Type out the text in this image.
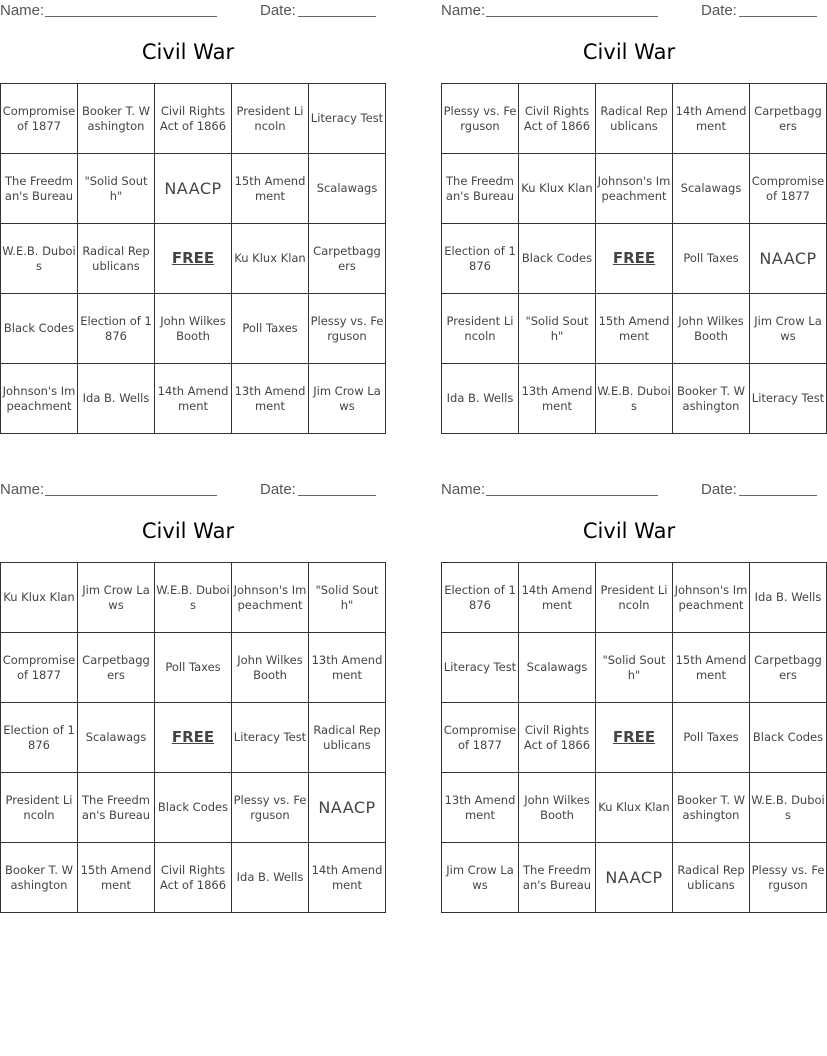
Name:	Date:
Civil War
Compromise of 1877	Booker T. Washington	Civil Rights Act of 1866	President Lincoln	Literacy Test
The Freedman's Bureau	"Solid South"	NAACP	15th Amendment	Scalawags
W.E.B. Dubois	Radical Republicans	FREE	Ku Klux Klan	Carpetbaggers
Black Codes	Election of 1876	John Wilkes Booth	Poll Taxes	Plessy vs. Ferguson
Johnson's Impeachment	Ida B. Wells	14th Amendment	13th Amendment	Jim Crow Laws
Name:	Date:
Civil War
Plessy vs. Ferguson	Civil Rights Act of 1866	Radical Republicans	14th Amendment	Carpetbaggers
The Freedman's Bureau	Ku Klux Klan	Johnson's Impeachment	Scalawags	Compromise of 1877
Election of 1876	Black Codes	FREE	Poll Taxes	NAACP
President Lincoln	"Solid South"	15th Amendment	John Wilkes Booth	Jim Crow Laws
Ida B. Wells	13th Amendment	W.E.B. Dubois	Booker T. Washington	Literacy Test
Name:	Date:
Civil War
Ku Klux Klan	Jim Crow Laws	W.E.B. Dubois	Johnson's Impeachment	"Solid South"
Compromise of 1877	Carpetbaggers	Poll Taxes	John Wilkes Booth	13th Amendment
Election of 1876	Scalawags	FREE	Literacy Test	Radical Republicans
President Lincoln	The Freedman's Bureau	Black Codes	Plessy vs. Ferguson	NAACP
Booker T. Washington	15th Amendment	Civil Rights Act of 1866	Ida B. Wells	14th Amendment
Name:	Date:
Civil War
Election of 1876	14th Amendment	President Lincoln	Johnson's Impeachment	Ida B. Wells
Literacy Test	Scalawags	"Solid South"	15th Amendment	Carpetbaggers
Compromise of 1877	Civil Rights Act of 1866	FREE	Poll Taxes	Black Codes
13th Amendment	John Wilkes Booth	Ku Klux Klan	Booker T. Washington	W.E.B. Dubois
Jim Crow Laws	The Freedman's Bureau	NAACP	Radical Republicans	Plessy vs. Ferguson
